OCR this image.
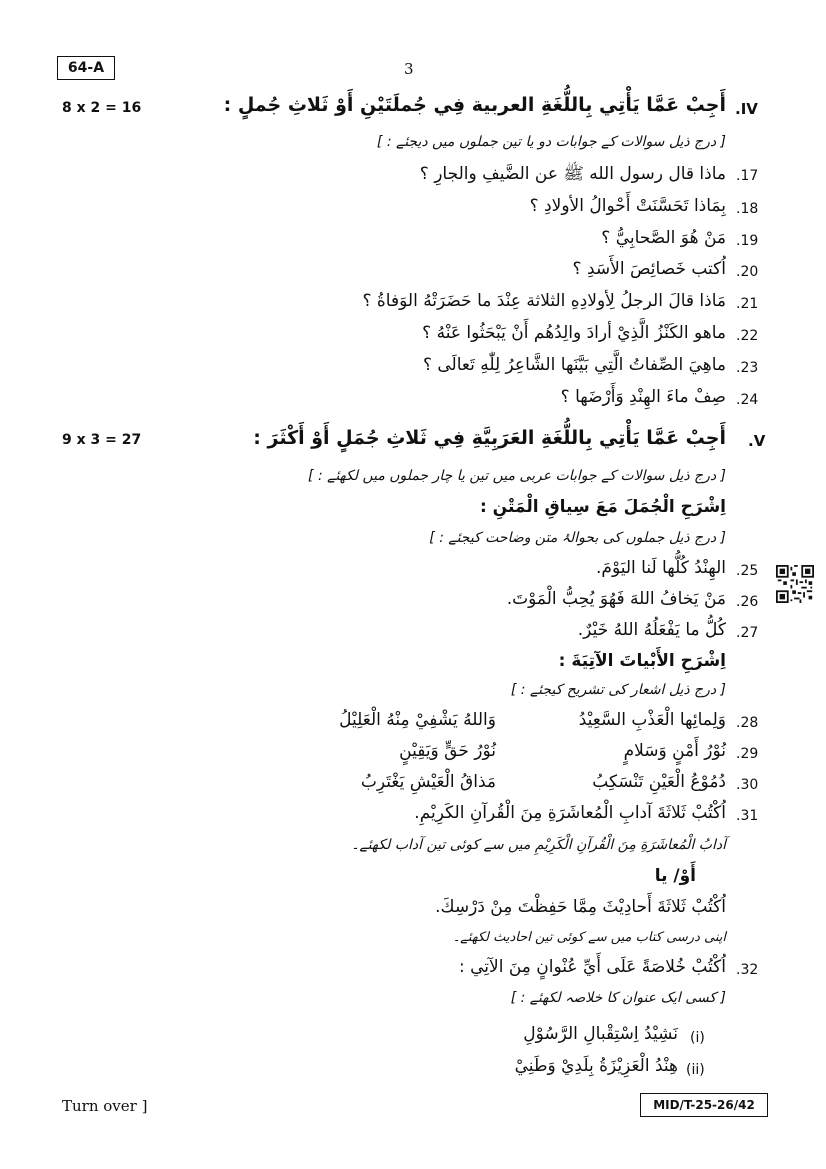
64-A	3
8 x 2 = 16	.IV
أَجِبْ عَمَّا يَأْتِي بِاللُّغَةِ العربية فِي جُملَتَيْنِ أَوْ ثَلاثِ جُملٍ :
[ درج ذیل سوالات کے جوابات دو یا تین جملوں میں دیجئے : ]
.17
ماذا قال رسول الله ﷺ عن الضَّيفِ والجارِ ؟
.18
بِمَاذا تَحَسَّنَتْ أَحْوالُ الأولادِ ؟
.19
مَنْ هُوَ الصَّحابِيُّ ؟
.20
اُكتب خَصائِصَ الأَسَدِ ؟
.21
مَاذا قالَ الرجلُ لِأولادِهِ الثلاثة عِنْدَ ما حَضَرَتْهُ الوَفاةُ ؟
.22
ماهو الكَنْزُ الَّذِيْ أرادَ والِدُهُم أَنْ يَبْحَثُوا عَنْهُ ؟
.23
ماهِيَ الصِّفاتُ الَّتِي بَيَّنَها الشَّاعِرُ لِلّٰهِ تَعالَى ؟
.24
صِفْ ماءَ الهِنْدِ وَأَرْضَها ؟
9 x 3 = 27	.V
أَجِبْ عَمَّا يَأْتِي بِاللُّغَةِ العَرَبِيَّةِ فِي ثَلاثِ جُمَلٍ أَوْ أَكْثَرَ :
[ درج ذیل سوالات کے جوابات عربی میں تین یا چار جملوں میں لکھئے : ]
اِشْرَحِ الْجُمَلَ مَعَ سِياقِ الْمَتْنِ :
[ درج ذیل جملوں کی بحوالۂ متن وضاحت کیجئے : ]
.25
الهِنْدُ كُلُّها لَنا اليَوْمَ.
.26
مَنْ يَخافُ اللهَ فَهُوَ يُحِبُّ الْمَوْتَ.
.27
كُلُّ ما يَفْعَلُهُ اللهُ خَيْرٌ.
اِشْرَحِ الأَبْياتَ الآتِيَةَ :
[ درج ذیل اشعار کی تشریح کیجئے : ]
.28
وَلِمائِها الْعَذْبِ السَّعِيْدُ
وَاللهُ يَشْفِيْ مِنْهُ الْعَلِيْلُ
.29
نُوْرُ أَمْنٍ وَسَلامٍ
نُوْرُ حَقٍّ وَيَقِيْنٍ
.30
دُمُوْعُ الْعَيْنِ تَنْسَكِبُ
مَذاقُ الْعَيْشِ يَغْتَرِبُ
.31
اُكْتُبْ ثَلاثَةَ آدابِ الْمُعاشَرَةِ مِنَ الْقُرآنِ الكَرِيْمِ.
آدابُ الْمُعاشَرَةِ مِنَ الْقُرآنِ الْكَرِيْمِ میں سے کوئی تین آداب لکھئے۔
أَوْ/ یا
اُكْتُبْ ثَلاثَةَ أَحادِيْثَ مِمَّا حَفِظْتَ مِنْ دَرْسِكَ.
اپنی درسی کتاب میں سے کوئی تین احادیث لکھئے۔
.32
اُكْتُبْ خُلاصَةً عَلَى أَيِّ عُنْوانٍ مِنَ الآتِي :
[ کسی ایک عنوان کا خلاصہ لکھئے : ]
(i)
نَشِيْدُ اِسْتِقْبالِ الرَّسُوْلِ
(ii)
هِنْدُ الْعَزِيْزَةُ بِلَدِيْ وَطَنِيْ
Turn over ]	MID/T-25-26/42
